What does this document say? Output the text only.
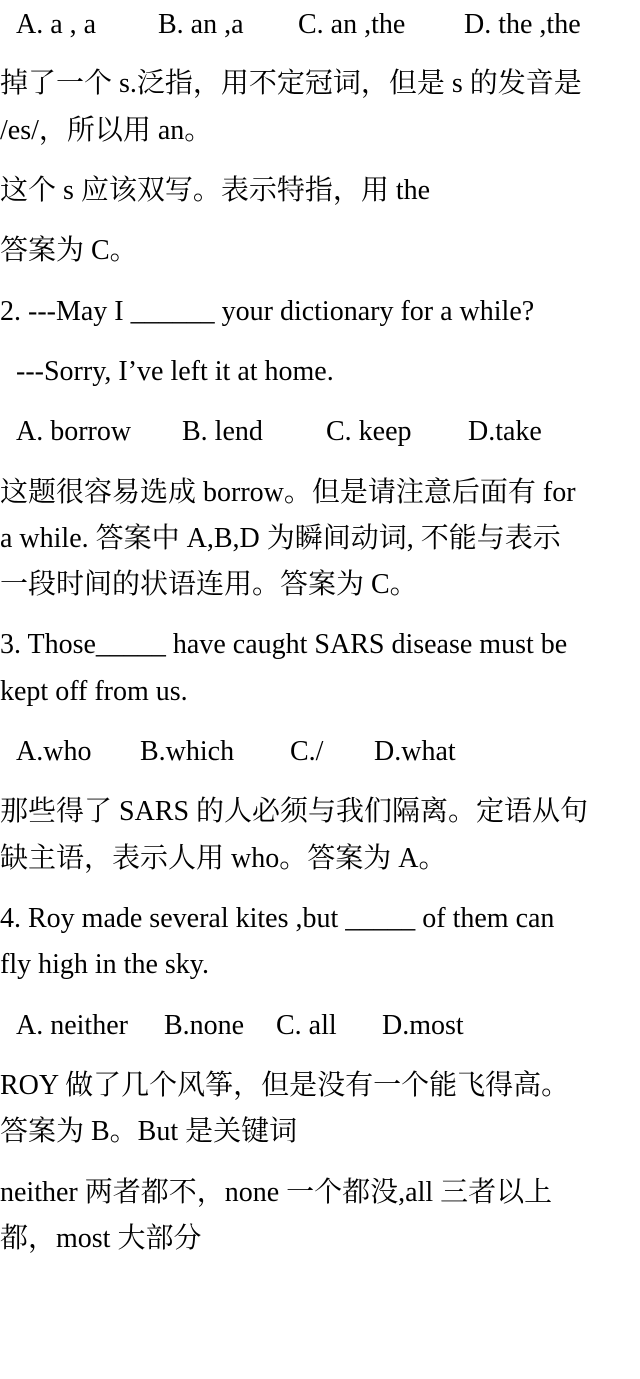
A. a , a B. an ,a C. an ,the D. the ,the
掉了一个 s.泛指，用不定冠词，但是 s 的发音是
/es/，所以用 an。
这个 s 应该双写。表示特指，用 the
答案为 C。
2. ---May I ______ your dictionary for a while?
---Sorry, I’ve left it at home.
A. borrow B. lend C. keep D.take
这题很容易选成 borrow。但是请注意后面有 for
a while. 答案中 A,B,D 为瞬间动词, 不能与表示
一段时间的状语连用。答案为 C。
3. Those_____ have caught SARS disease must be
kept off from us.
A.who B.which C./ D.what
那些得了 SARS 的人必须与我们隔离。定语从句
缺主语，表示人用 who。答案为 A。
4. Roy made several kites ,but _____ of them can
fly high in the sky.
A. neither B.none C. all D.most
ROY 做了几个风筝，但是没有一个能飞得高。
答案为 B。But 是关键词
neither 两者都不，none 一个都没,all 三者以上
都，most 大部分
